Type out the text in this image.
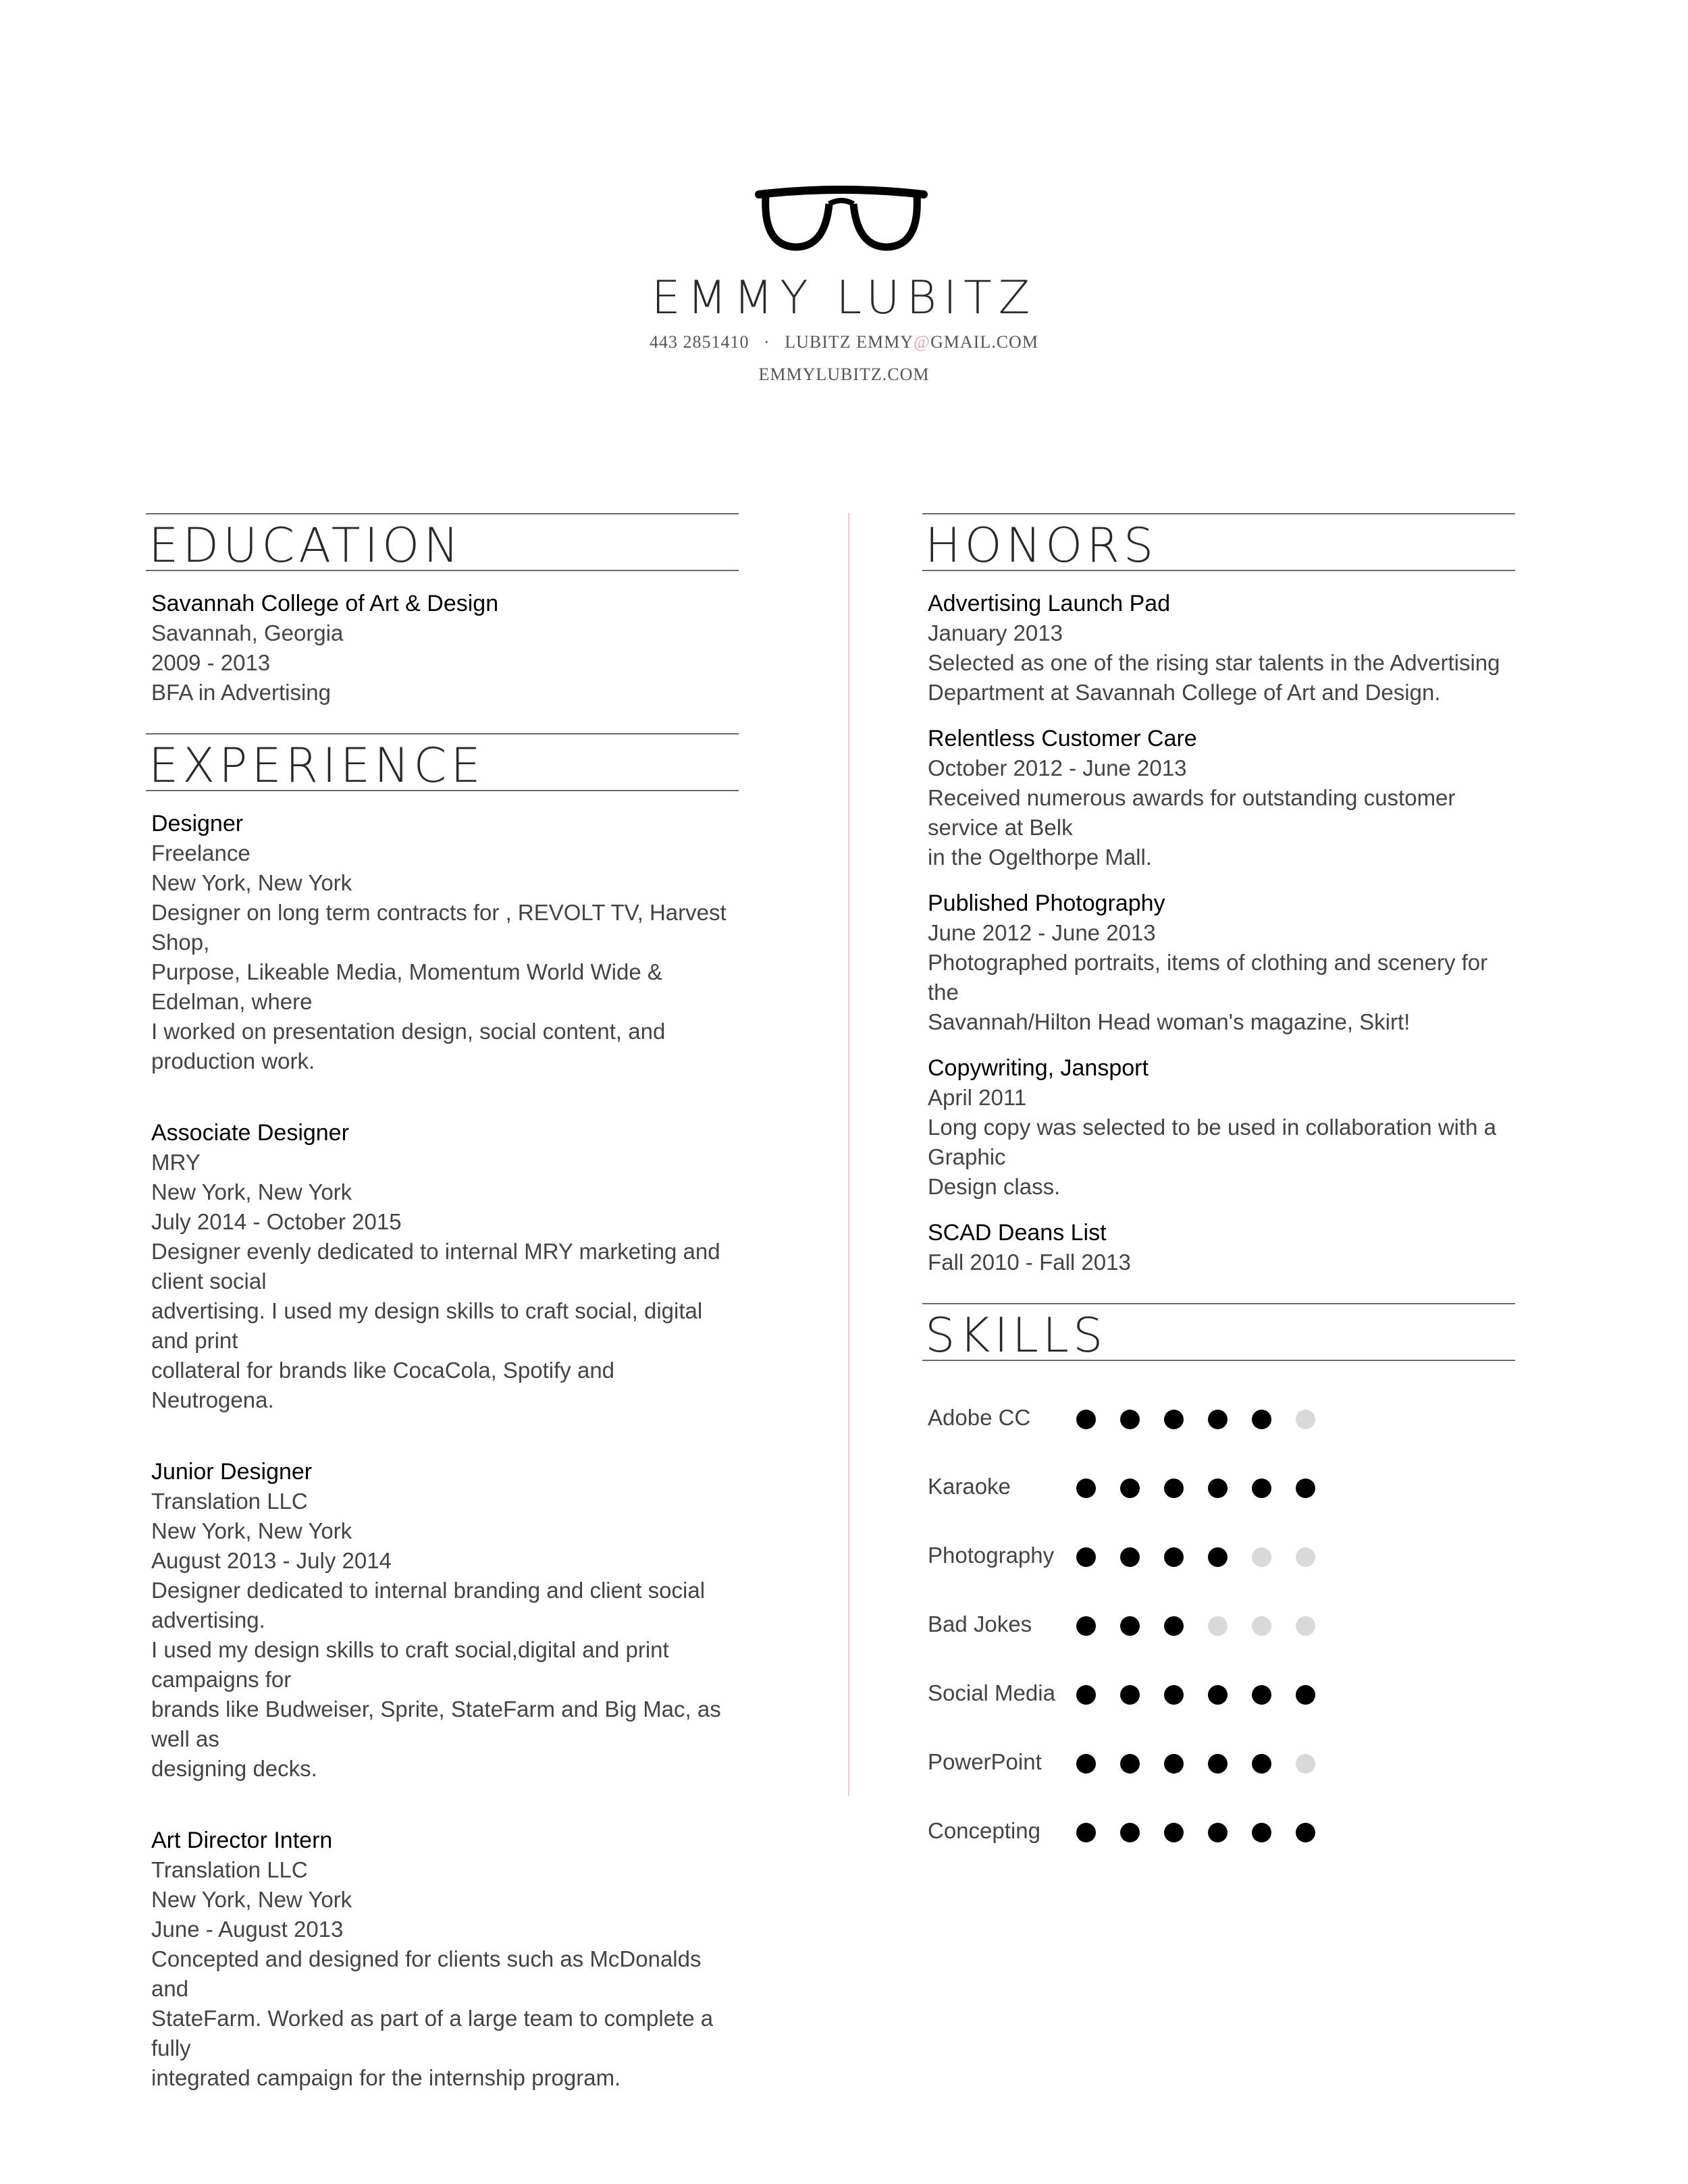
EMMY LUBITZ
443 2851410 · LUBITZ EMMY@GMAIL.COM
EMMYLUBITZ.COM
EDUCATION
Savannah College of Art & Design
Savannah, Georgia
2009 - 2013
BFA in Advertising
EXPERIENCE
Designer
Freelance
New York, New York
Designer on long term contracts for , REVOLT TV, Harvest Shop,
Purpose, Likeable Media, Momentum World Wide & Edelman, where
I worked on presentation design, social content, and production work.
Associate Designer
MRY
New York, New York
July 2014 - October 2015
Designer evenly dedicated to internal MRY marketing and client social
advertising. I used my design skills to craft social, digital and print
collateral for brands like CocaCola, Spotify and Neutrogena.
Junior Designer
Translation LLC
New York, New York
August 2013 - July 2014
Designer dedicated to internal branding and client social advertising.
I used my design skills to craft social,digital and print campaigns for
brands like Budweiser, Sprite, StateFarm and Big Mac, as well as
designing decks.
Art Director Intern
Translation LLC
New York, New York
June - August 2013
Concepted and designed for clients such as McDonalds and
StateFarm. Worked as part of a large team to complete a fully
integrated campaign for the internship program.
HONORS
Advertising Launch Pad
January 2013
Selected as one of the rising star talents in the Advertising
Department at Savannah College of Art and Design.
Relentless Customer Care
October 2012 - June 2013
Received numerous awards for outstanding customer service at Belk
in the Ogelthorpe Mall.
Published Photography
June 2012 - June 2013
Photographed portraits, items of clothing and scenery for the
Savannah/Hilton Head woman's magazine, Skirt!
Copywriting, Jansport
April 2011
Long copy was selected to be used in collaboration with a Graphic
Design class.
SCAD Deans List
Fall 2010 - Fall 2013
SKILLS
Adobe CC
Karaoke
Photography
Bad Jokes
Social Media
PowerPoint
Concepting
